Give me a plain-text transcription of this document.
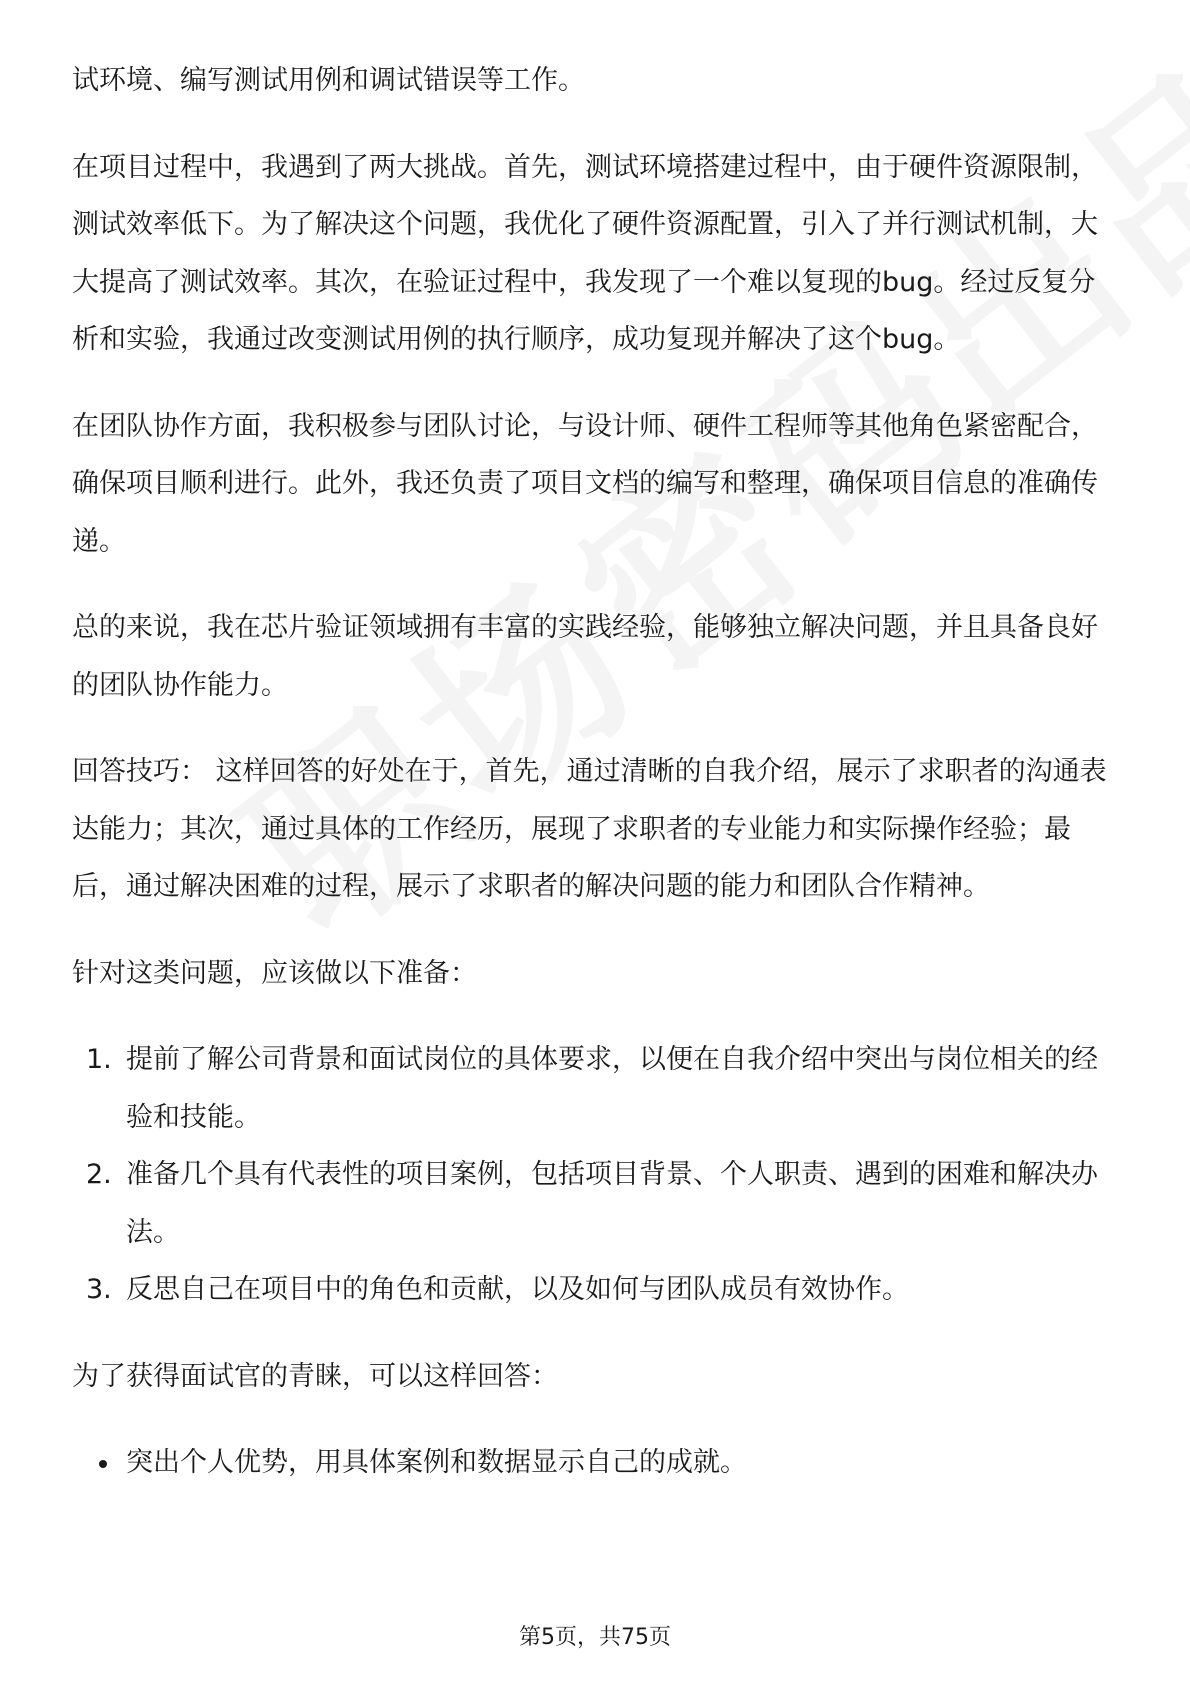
试环境、编写测试用例和调试错误等工作。

在项目过程中，我遇到了两大挑战。首先，测试环境搭建过程中，由于硬件资源限制，测试效率低下。为了解决这个问题，我优化了硬件资源配置，引入了并行测试机制，大大提高了测试效率。其次，在验证过程中，我发现了一个难以复现的bug。经过反复分析和实验，我通过改变测试用例的执行顺序，成功复现并解决了这个bug。

在团队协作方面，我积极参与团队讨论，与设计师、硬件工程师等其他角色紧密配合，确保项目顺利进行。此外，我还负责了项目文档的编写和整理，确保项目信息的准确传递。

总的来说，我在芯片验证领域拥有丰富的实践经验，能够独立解决问题，并且具备良好的团队协作能力。

回答技巧： 这样回答的好处在于，首先，通过清晰的自我介绍，展示了求职者的沟通表达能力；其次，通过具体的工作经历，展现了求职者的专业能力和实际操作经验；最后，通过解决困难的过程，展示了求职者的解决问题的能力和团队合作精神。

针对这类问题，应该做以下准备：

1. 提前了解公司背景和面试岗位的具体要求，以便在自我介绍中突出与岗位相关的经验和技能。
2. 准备几个具有代表性的项目案例，包括项目背景、个人职责、遇到的困难和解决办法。
3. 反思自己在项目中的角色和贡献，以及如何与团队成员有效协作。

为了获得面试官的青睐，可以这样回答：

突出个人优势，用具体案例和数据显示自己的成就。
第5页，共75页
